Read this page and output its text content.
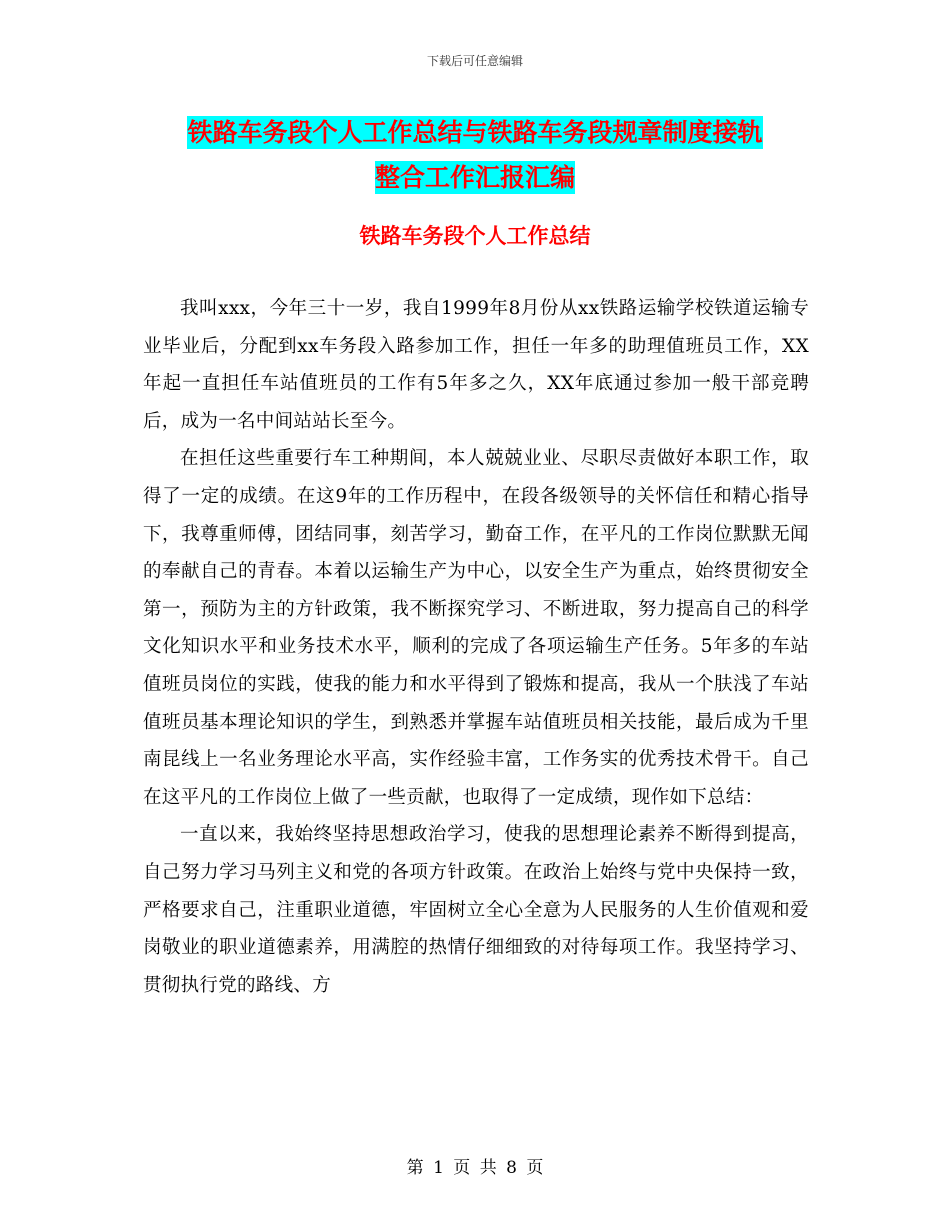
下载后可任意编辑
铁路车务段个人工作总结与铁路车务段规章制度接轨
整合工作汇报汇编
铁路车务段个人工作总结

我叫xxx，今年三十一岁，我自1999年8月份从xx铁路运输学校铁道运输专业毕业后，分配到xx车务段入路参加工作，担任一年多的助理值班员工作，XX年起一直担任车站值班员的工作有5年多之久，XX年底通过参加一般干部竞聘后，成为一名中间站站长至今。

在担任这些重要行车工种期间，本人兢兢业业、尽职尽责做好本职工作，取得了一定的成绩。在这9年的工作历程中，在段各级领导的关怀信任和精心指导下，我尊重师傅，团结同事，刻苦学习，勤奋工作，在平凡的工作岗位默默无闻的奉献自己的青春。本着以运输生产为中心，以安全生产为重点，始终贯彻安全第一，预防为主的方针政策，我不断探究学习、不断进取，努力提高自己的科学文化知识水平和业务技术水平，顺利的完成了各项运输生产任务。5年多的车站值班员岗位的实践，使我的能力和水平得到了锻炼和提高，我从一个肤浅了车站值班员基本理论知识的学生，到熟悉并掌握车站值班员相关技能，最后成为千里南昆线上一名业务理论水平高，实作经验丰富，工作务实的优秀技术骨干。自己在这平凡的工作岗位上做了一些贡献，也取得了一定成绩，现作如下总结：

一直以来，我始终坚持思想政治学习，使我的思想理论素养不断得到提高，自己努力学习马列主义和党的各项方针政策。在政治上始终与党中央保持一致，严格要求自己，注重职业道德，牢固树立全心全意为人民服务的人生价值观和爱岗敬业的职业道德素养，用满腔的热情仔细细致的对待每项工作。我坚持学习、贯彻执行党的路线、方

第 1 页 共 8 页
